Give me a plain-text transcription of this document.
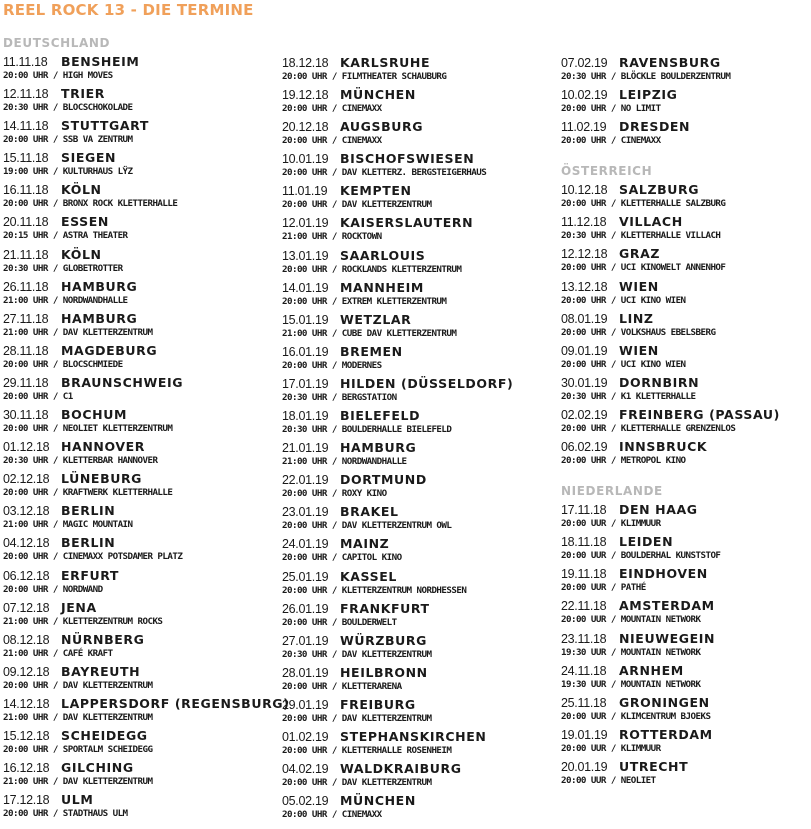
REEL ROCK 13 - DIE TERMINE
DEUTSCHLAND
11.11.18 BENSHEIM
20:00 UHR / HIGH MOVES
12.11.18 TRIER
20:30 UHR / BLOCSCHOKOLADE
14.11.18 STUTTGART
20:00 UHR / SSB VA ZENTRUM
15.11.18 SIEGEN
19:00 UHR / KULTURHAUS LŸZ
16.11.18 KÖLN
20:00 UHR / BRONX ROCK KLETTERHALLE
20.11.18 ESSEN
20:15 UHR / ASTRA THEATER
21.11.18 KÖLN
20:30 UHR / GLOBETROTTER
26.11.18 HAMBURG
21:00 UHR / NORDWANDHALLE
27.11.18 HAMBURG
21:00 UHR / DAV KLETTERZENTRUM
28.11.18 MAGDEBURG
20:00 UHR / BLOCSCHMIEDE
29.11.18 BRAUNSCHWEIG
20:00 UHR / C1
30.11.18 BOCHUM
20:00 UHR / NEOLIET KLETTERZENTRUM
01.12.18 HANNOVER
20:30 UHR / KLETTERBAR HANNOVER
02.12.18 LÜNEBURG
20:00 UHR / KRAFTWERK KLETTERHALLE
03.12.18 BERLIN
21:00 UHR / MAGIC MOUNTAIN
04.12.18 BERLIN
20:00 UHR / CINEMAXX POTSDAMER PLATZ
06.12.18 ERFURT
20:00 UHR / NORDWAND
07.12.18 JENA
21:00 UHR / KLETTERZENTRUM ROCKS
08.12.18 NÜRNBERG
21:00 UHR / CAFÉ KRAFT
09.12.18 BAYREUTH
20:00 UHR / DAV KLETTERZENTRUM
14.12.18 LAPPERSDORF (REGENSBURG)
21:00 UHR / DAV KLETTERZENTRUM
15.12.18 SCHEIDEGG
20:00 UHR / SPORTALM SCHEIDEGG
16.12.18 GILCHING
21:00 UHR / DAV KLETTERZENTRUM
17.12.18 ULM
20:00 UHR / STADTHAUS ULM
18.12.18 KARLSRUHE
20:00 UHR / FILMTHEATER SCHAUBURG
19.12.18 MÜNCHEN
20:00 UHR / CINEMAXX
20.12.18 AUGSBURG
20:00 UHR / CINEMAXX
10.01.19 BISCHOFSWIESEN
20:00 UHR / DAV KLETTERZ. BERGSTEIGERHAUS
11.01.19 KEMPTEN
20:00 UHR / DAV KLETTERZENTRUM
12.01.19 KAISERSLAUTERN
21:00 UHR / ROCKTOWN
13.01.19 SAARLOUIS
20:00 UHR / ROCKLANDS KLETTERZENTRUM
14.01.19 MANNHEIM
20:00 UHR / EXTREM KLETTERZENTRUM
15.01.19 WETZLAR
21:00 UHR / CUBE DAV KLETTERZENTRUM
16.01.19 BREMEN
20:00 UHR / MODERNES
17.01.19 HILDEN (DÜSSELDORF)
20:30 UHR / BERGSTATION
18.01.19 BIELEFELD
20:30 UHR / BOULDERHALLE BIELEFELD
21.01.19 HAMBURG
21:00 UHR / NORDWANDHALLE
22.01.19 DORTMUND
20:00 UHR / ROXY KINO
23.01.19 BRAKEL
20:00 UHR / DAV KLETTERZENTRUM OWL
24.01.19 MAINZ
20:00 UHR / CAPITOL KINO
25.01.19 KASSEL
20:00 UHR / KLETTERZENTRUM NORDHESSEN
26.01.19 FRANKFURT
20:00 UHR / BOULDERWELT
27.01.19 WÜRZBURG
20:30 UHR / DAV KLETTERZENTRUM
28.01.19 HEILBRONN
20:00 UHR / KLETTERARENA
29.01.19 FREIBURG
20:00 UHR / DAV KLETTERZENTRUM
01.02.19 STEPHANSKIRCHEN
20:00 UHR / KLETTERHALLE ROSENHEIM
04.02.19 WALDKRAIBURG
20:00 UHR / DAV KLETTERZENTRUM
05.02.19 MÜNCHEN
20:00 UHR / CINEMAXX
07.02.19 RAVENSBURG
20:30 UHR / BLÖCKLE BOULDERZENTRUM
10.02.19 LEIPZIG
20:00 UHR / NO LIMIT
11.02.19 DRESDEN
20:00 UHR / CINEMAXX
ÖSTERREICH
10.12.18 SALZBURG
20:00 UHR / KLETTERHALLE SALZBURG
11.12.18 VILLACH
20:30 UHR / KLETTERHALLE VILLACH
12.12.18 GRAZ
20:00 UHR / UCI KINOWELT ANNENHOF
13.12.18 WIEN
20:00 UHR / UCI KINO WIEN
08.01.19 LINZ
20:00 UHR / VOLKSHAUS EBELSBERG
09.01.19 WIEN
20:00 UHR / UCI KINO WIEN
30.01.19 DORNBIRN
20:30 UHR / K1 KLETTERHALLE
02.02.19 FREINBERG (PASSAU)
20:00 UHR / KLETTERHALLE GRENZENLOS
06.02.19 INNSBRUCK
20:00 UHR / METROPOL KINO
NIEDERLANDE
17.11.18 DEN HAAG
20:00 UUR / KLIMMUUR
18.11.18 LEIDEN
20:00 UUR / BOULDERHAL KUNSTSTOF
19.11.18 EINDHOVEN
20:00 UUR / PATHÉ
22.11.18 AMSTERDAM
20:00 UUR / MOUNTAIN NETWORK
23.11.18 NIEUWEGEIN
19:30 UUR / MOUNTAIN NETWORK
24.11.18 ARNHEM
19:30 UUR / MOUNTAIN NETWORK
25.11.18 GRONINGEN
20:00 UUR / KLIMCENTRUM BJOEKS
19.01.19 ROTTERDAM
20:00 UUR / KLIMMUUR
20.01.19 UTRECHT
20:00 UUR / NEOLIET
